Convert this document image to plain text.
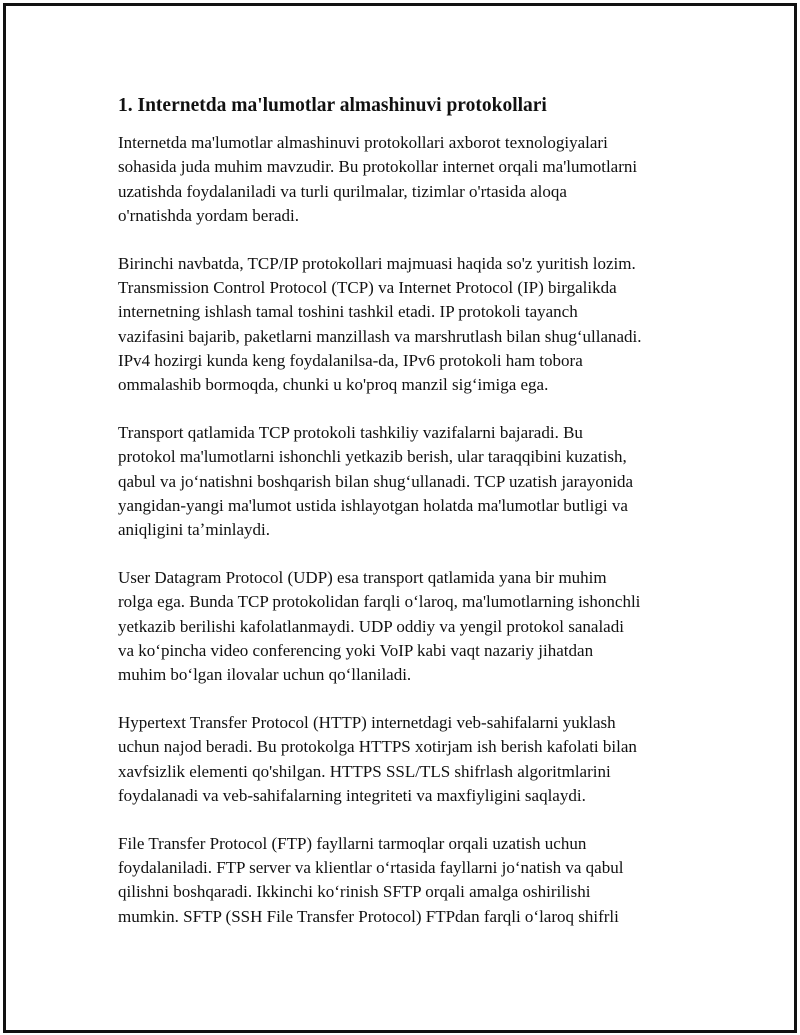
1. Internetda ma'lumotlar almashinuvi protokollari
Internetda ma'lumotlar almashinuvi protokollari axborot texnologiyalari
sohasida juda muhim mavzudir. Bu protokollar internet orqali ma'lumotlarni
uzatishda foydalaniladi va turli qurilmalar, tizimlar o'rtasida aloqa
o'rnatishda yordam beradi.
Birinchi navbatda, TCP/IP protokollari majmuasi haqida so'z yuritish lozim.
Transmission Control Protocol (TCP) va Internet Protocol (IP) birgalikda
internetning ishlash tamal toshini tashkil etadi. IP protokoli tayanch
vazifasini bajarib, paketlarni manzillash va marshrutlash bilan shug‘ullanadi.
IPv4 hozirgi kunda keng foydalanilsa-da, IPv6 protokoli ham tobora
ommalashib bormoqda, chunki u ko'proq manzil sig‘imiga ega.
Transport qatlamida TCP protokoli tashkiliy vazifalarni bajaradi. Bu
protokol ma'lumotlarni ishonchli yetkazib berish, ular taraqqibini kuzatish,
qabul va jo‘natishni boshqarish bilan shug‘ullanadi. TCP uzatish jarayonida
yangidan-yangi ma'lumot ustida ishlayotgan holatda ma'lumotlar butligi va
aniqligini taʼminlaydi.
User Datagram Protocol (UDP) esa transport qatlamida yana bir muhim
rolga ega. Bunda TCP protokolidan farqli o‘laroq, ma'lumotlarning ishonchli
yetkazib berilishi kafolatlanmaydi. UDP oddiy va yengil protokol sanaladi
va ko‘pincha video conferencing yoki VoIP kabi vaqt nazariy jihatdan
muhim bo‘lgan ilovalar uchun qo‘llaniladi.
Hypertext Transfer Protocol (HTTP) internetdagi veb-sahifalarni yuklash
uchun najod beradi. Bu protokolga HTTPS xotirjam ish berish kafolati bilan
xavfsizlik elementi qo'shilgan. HTTPS SSL/TLS shifrlash algoritmlarini
foydalanadi va veb-sahifalarning integriteti va maxfiyligini saqlaydi.
File Transfer Protocol (FTP) fayllarni tarmoqlar orqali uzatish uchun
foydalaniladi. FTP server va klientlar o‘rtasida fayllarni jo‘natish va qabul
qilishni boshqaradi. Ikkinchi ko‘rinish SFTP orqali amalga oshirilishi
mumkin. SFTP (SSH File Transfer Protocol) FTPdan farqli o‘laroq shifrli
